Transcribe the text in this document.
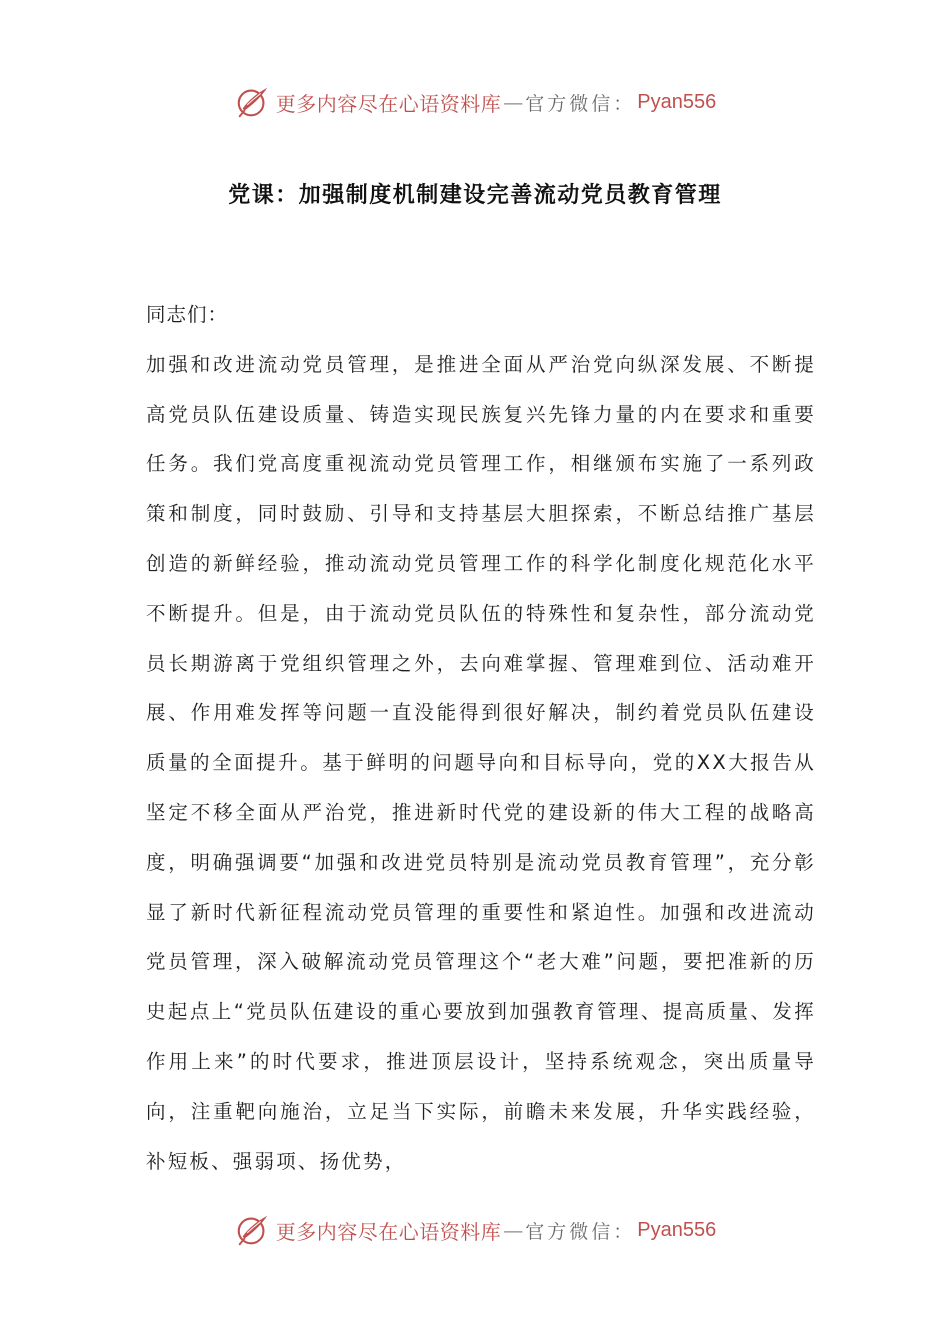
更多内容尽在心语资料库 — 官方微信： Pyan556
党课：加强制度机制建设完善流动党员教育管理

同志们：

加强和改进流动党员管理，是推进全面从严治党向纵深发展、不断提高党员队伍建设质量、铸造实现民族复兴先锋力量的内在要求和重要任务。我们党高度重视流动党员管理工作，相继颁布实施了一系列政策和制度，同时鼓励、引导和支持基层大胆探索，不断总结推广基层创造的新鲜经验，推动流动党员管理工作的科学化制度化规范化水平不断提升。但是，由于流动党员队伍的特殊性和复杂性，部分流动党员长期游离于党组织管理之外，去向难掌握、管理难到位、活动难开展、作用难发挥等问题一直没能得到很好解决，制约着党员队伍建设质量的全面提升。基于鲜明的问题导向和目标导向，党的XX大报告从坚定不移全面从严治党，推进新时代党的建设新的伟大工程的战略高度，明确强调要“加强和改进党员特别是流动党员教育管理”，充分彰显了新时代新征程流动党员管理的重要性和紧迫性。加强和改进流动党员管理，深入破解流动党员管理这个“老大难”问题，要把准新的历史起点上“党员队伍建设的重心要放到加强教育管理、提高质量、发挥作用上来”的时代要求，推进顶层设计，坚持系统观念，突出质量导向，注重靶向施治，立足当下实际，前瞻未来发展，升华实践经验，补短板、强弱项、扬优势，

更多内容尽在心语资料库 — 官方微信： Pyan556
